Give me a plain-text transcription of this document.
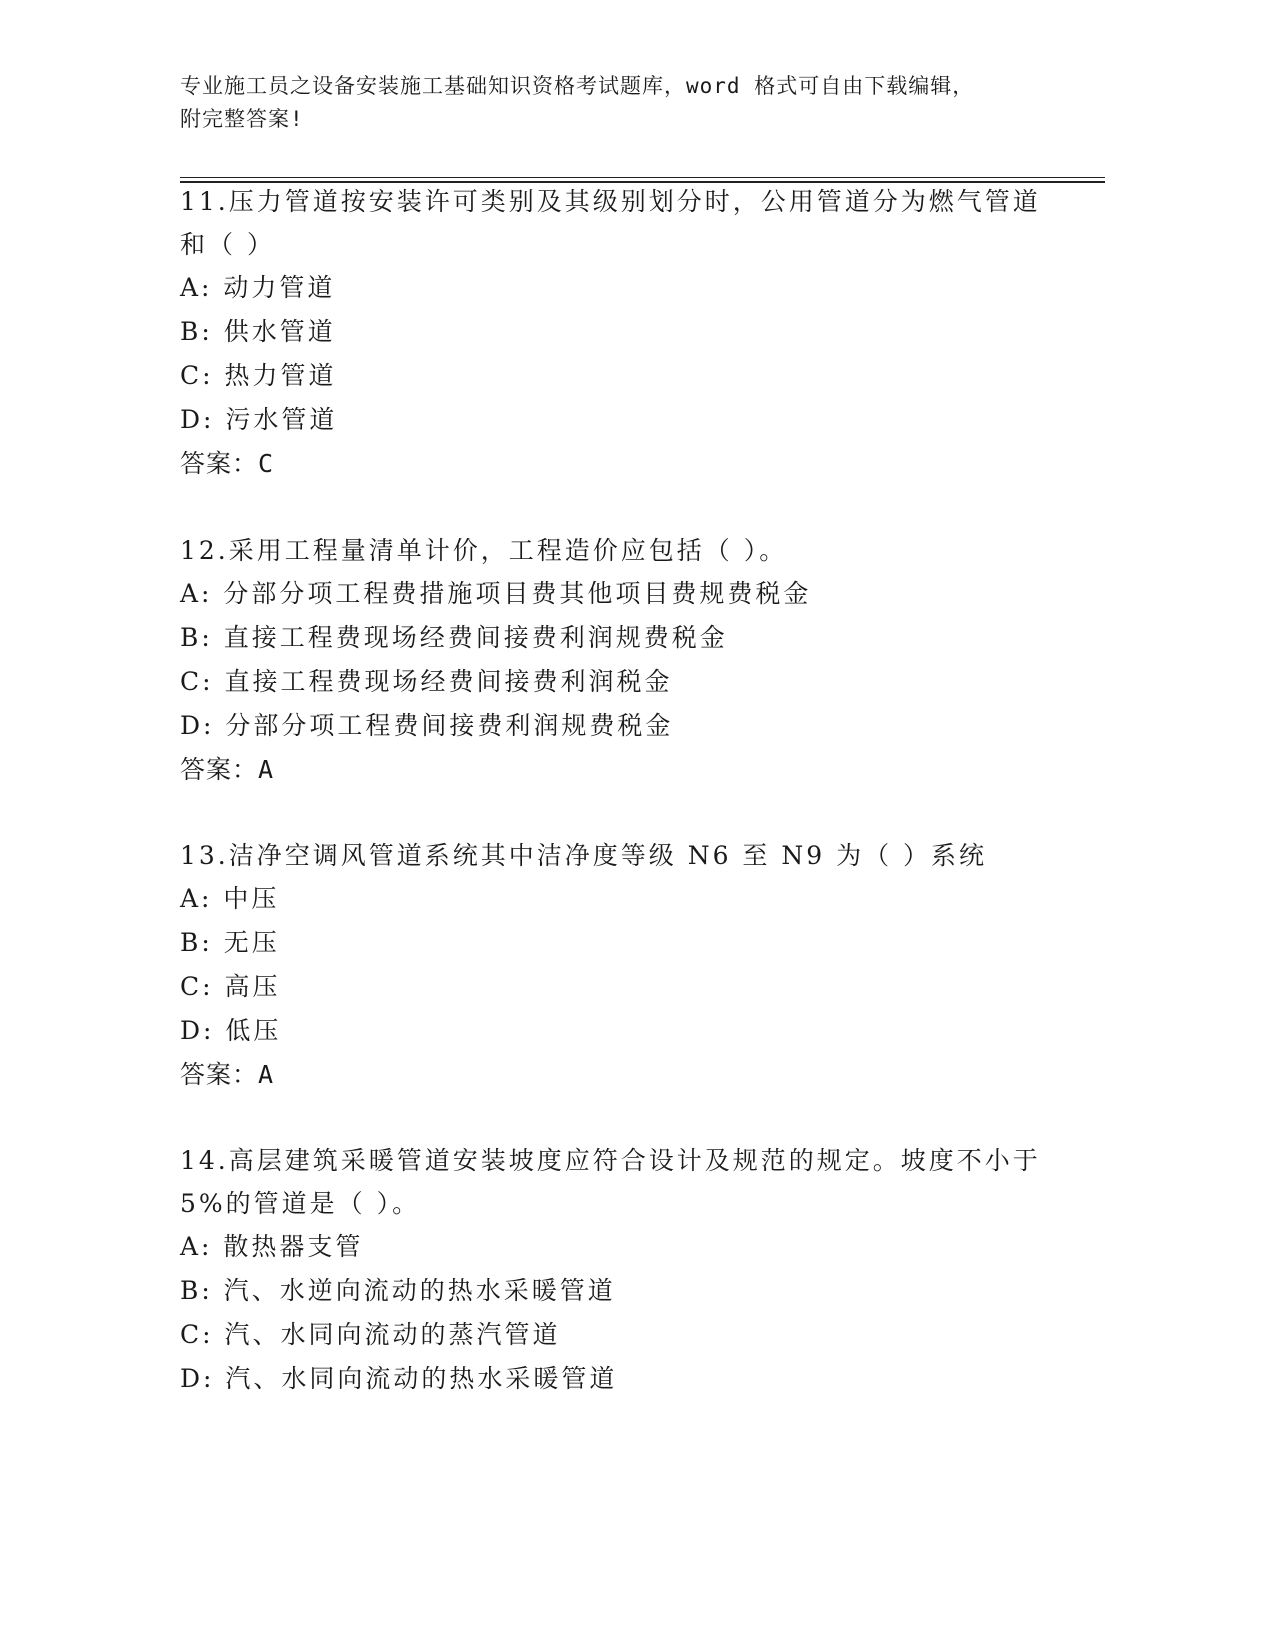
专业施工员之设备安装施工基础知识资格考试题库，word 格式可自由下载编辑，
附完整答案!
11.压力管道按安装许可类别及其级别划分时，公用管道分为燃气管道
和（ ）
A: 动力管道
B: 供水管道
C: 热力管道
D: 污水管道
答案：C
12.采用工程量清单计价，工程造价应包括（ ）。
A: 分部分项工程费措施项目费其他项目费规费税金
B: 直接工程费现场经费间接费利润规费税金
C: 直接工程费现场经费间接费利润税金
D: 分部分项工程费间接费利润规费税金
答案：A
13.洁净空调风管道系统其中洁净度等级 N6 至 N9 为（ ）系统
A: 中压
B: 无压
C: 高压
D: 低压
答案：A
14.高层建筑采暖管道安装坡度应符合设计及规范的规定。坡度不小于
5%的管道是（ ）。
A: 散热器支管
B: 汽、水逆向流动的热水采暖管道
C: 汽、水同向流动的蒸汽管道
D: 汽、水同向流动的热水采暖管道
